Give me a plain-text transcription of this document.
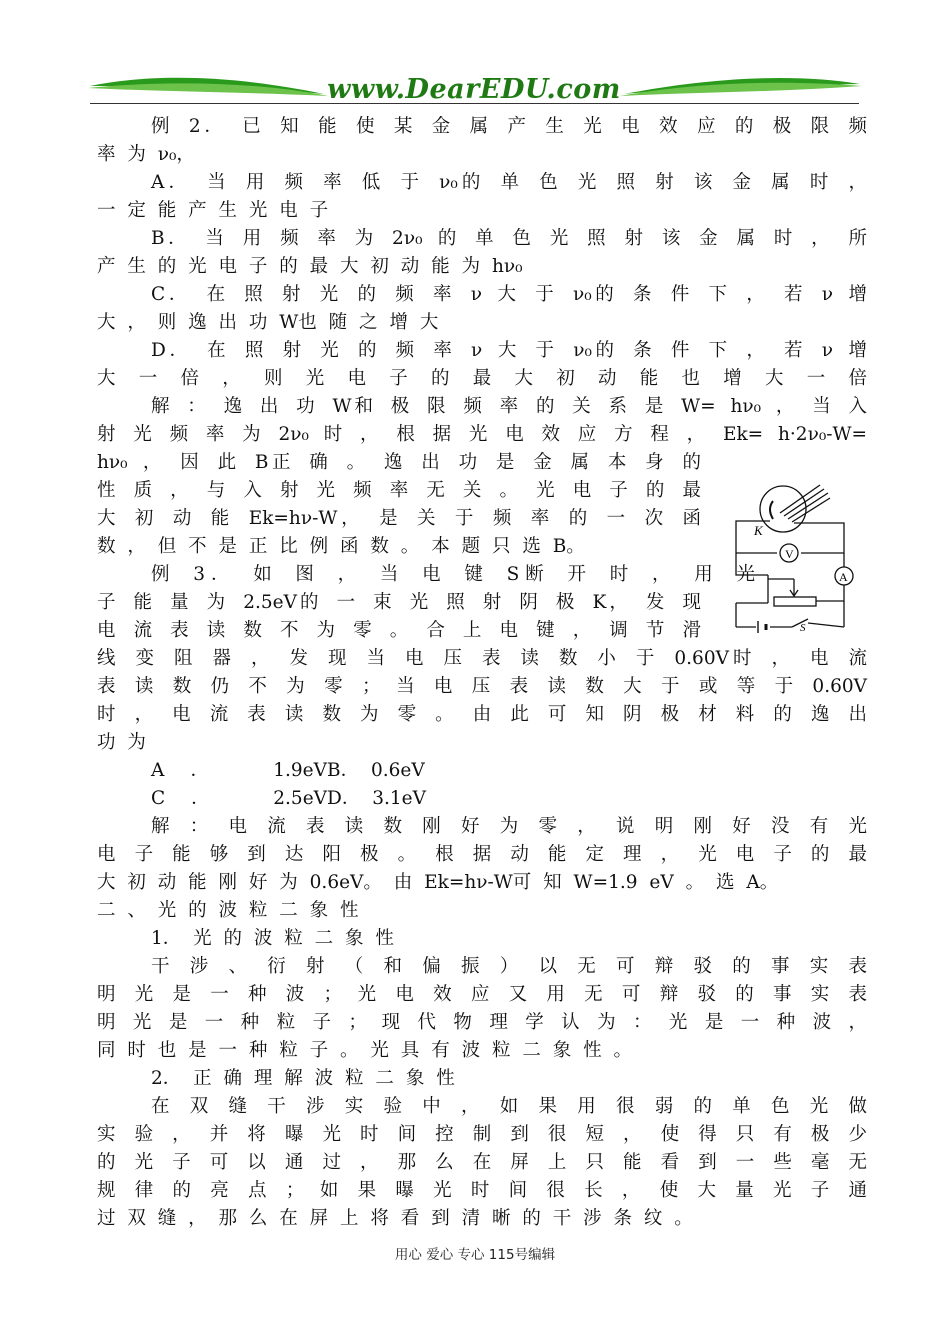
www.DearEDU.com
例 2． 已 知 能 使 某 金 属 产 生 光 电 效 应 的 极 限 频
率 为 ν₀，
A． 当 用 频 率 低 于 ν₀的 单 色 光 照 射 该 金 属 时 ，
一 定 能 产 生 光 电 子
B． 当 用 频 率 为 2ν₀ 的 单 色 光 照 射 该 金 属 时 ， 所
产 生 的 光 电 子 的 最 大 初 动 能 为 hν₀
C． 在 照 射 光 的 频 率 ν 大 于 ν₀的 条 件 下 ， 若 ν 增
大 ， 则 逸 出 功 W也 随 之 增 大
D． 在 照 射 光 的 频 率 ν 大 于 ν₀的 条 件 下 ， 若 ν 增
大 一 倍 ， 则 光 电 子 的 最 大 初 动 能 也 增 大 一 倍
解 ： 逸 出 功 W和 极 限 频 率 的 关 系 是 W= hν₀ ， 当 入
射 光 频 率 为 2ν₀ 时 ， 根 据 光 电 效 应 方 程 ， Ek= h·2ν₀-W=
hν₀ ， 因 此 B正 确 。 逸 出 功 是 金 属 本 身 的
性 质 ， 与 入 射 光 频 率 无 关 。 光 电 子 的 最
大 初 动 能 Ek=hν-W， 是 关 于 频 率 的 一 次 函
数 ， 但 不 是 正 比 例 函 数 。 本 题 只 选 B。
例 3． 如 图 ， 当 电 键 S断 开 时 ， 用 光
子 能 量 为 2.5eV的 一 束 光 照 射 阴 极 K， 发 现
电 流 表 读 数 不 为 零 。 合 上 电 键 ， 调 节 滑
线 变 阻 器 ， 发 现 当 电 压 表 读 数 小 于 0.60V时 ， 电 流
表 读 数 仍 不 为 零 ； 当 电 压 表 读 数 大 于 或 等 于 0.60V
时 ， 电 流 表 读 数 为 零 。 由 此 可 知 阴 极 材 料 的 逸 出
功 为
A． 1.9eV B． 0.6eV
C． 2.5eV D． 3.1eV
解 ： 电 流 表 读 数 刚 好 为 零 ， 说 明 刚 好 没 有 光
电 子 能 够 到 达 阳 极 。 根 据 动 能 定 理 ， 光 电 子 的 最
大 初 动 能 刚 好 为 0.6eV。 由 Ek=hν-W可 知 W=1.9 eV 。 选 A。
二 、 光 的 波 粒 二 象 性
1． 光 的 波 粒 二 象 性
干 涉 、 衍 射 （ 和 偏 振 ） 以 无 可 辩 驳 的 事 实 表
明 光 是 一 种 波 ； 光 电 效 应 又 用 无 可 辩 驳 的 事 实 表
明 光 是 一 种 粒 子 ； 现 代 物 理 学 认 为 ： 光 是 一 种 波 ，
同 时 也 是 一 种 粒 子 。 光 具 有 波 粒 二 象 性 。
2． 正 确 理 解 波 粒 二 象 性
在 双 缝 干 涉 实 验 中 ， 如 果 用 很 弱 的 单 色 光 做
实 验 ， 并 将 曝 光 时 间 控 制 到 很 短 ， 使 得 只 有 极 少
的 光 子 可 以 通 过 ， 那 么 在 屏 上 只 能 看 到 一 些 毫 无
规 律 的 亮 点 ； 如 果 曝 光 时 间 很 长 ， 使 大 量 光 子 通
过 双 缝 ， 那 么 在 屏 上 将 看 到 清 晰 的 干 涉 条 纹 。
K
V
A
S
用心 爱心 专心 115号编辑
